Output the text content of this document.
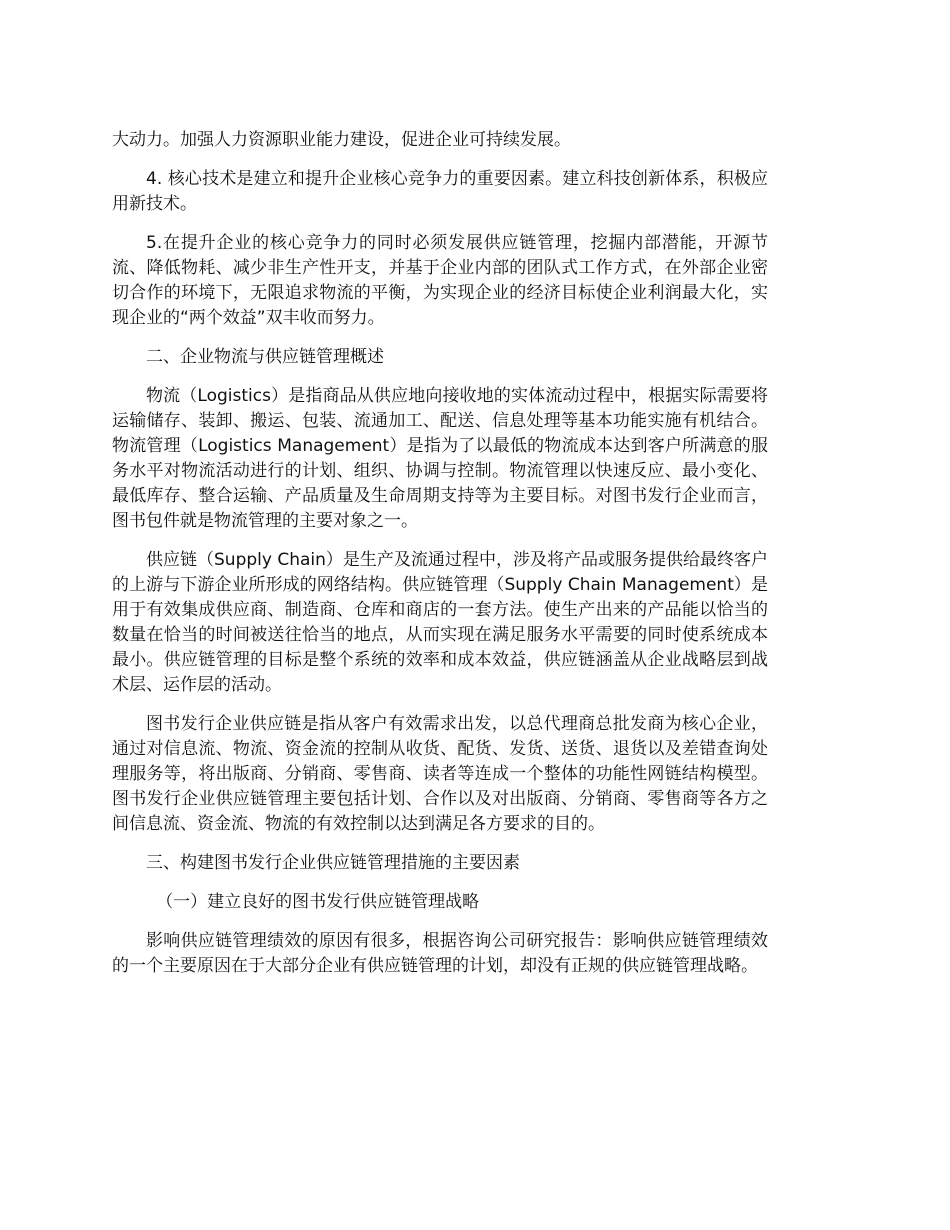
大动力。加强人力资源职业能力建设，促进企业可持续发展。

4. 核心技术是建立和提升企业核心竞争力的重要因素。建立科技创新体系，积极应用新技术。

5.在提升企业的核心竞争力的同时必须发展供应链管理，挖掘内部潜能，开源节流、降低物耗、减少非生产性开支，并基于企业内部的团队式工作方式，在外部企业密切合作的环境下，无限追求物流的平衡，为实现企业的经济目标使企业利润最大化，实现企业的“两个效益”双丰收而努力。

二、企业物流与供应链管理概述

物流（Logistics）是指商品从供应地向接收地的实体流动过程中，根据实际需要将运输储存、装卸、搬运、包装、流通加工、配送、信息处理等基本功能实施有机结合。物流管理（Logistics Management）是指为了以最低的物流成本达到客户所满意的服务水平对物流活动进行的计划、组织、协调与控制。物流管理以快速反应、最小变化、最低库存、整合运输、产品质量及生命周期支持等为主要目标。对图书发行企业而言，图书包件就是物流管理的主要对象之一。

供应链（Supply Chain）是生产及流通过程中，涉及将产品或服务提供给最终客户的上游与下游企业所形成的网络结构。供应链管理（Supply Chain Management）是用于有效集成供应商、制造商、仓库和商店的一套方法。使生产出来的产品能以恰当的数量在恰当的时间被送往恰当的地点，从而实现在满足服务水平需要的同时使系统成本最小。供应链管理的目标是整个系统的效率和成本效益，供应链涵盖从企业战略层到战术层、运作层的活动。

图书发行企业供应链是指从客户有效需求出发，以总代理商总批发商为核心企业，通过对信息流、物流、资金流的控制从收货、配货、发货、送货、退货以及差错查询处理服务等，将出版商、分销商、零售商、读者等连成一个整体的功能性网链结构模型。图书发行企业供应链管理主要包括计划、合作以及对出版商、分销商、零售商等各方之间信息流、资金流、物流的有效控制以达到满足各方要求的目的。

三、构建图书发行企业供应链管理措施的主要因素

（一）建立良好的图书发行供应链管理战略

影响供应链管理绩效的原因有很多，根据咨询公司研究报告：影响供应链管理绩效的一个主要原因在于大部分企业有供应链管理的计划，却没有正规的供应链管理战略。
